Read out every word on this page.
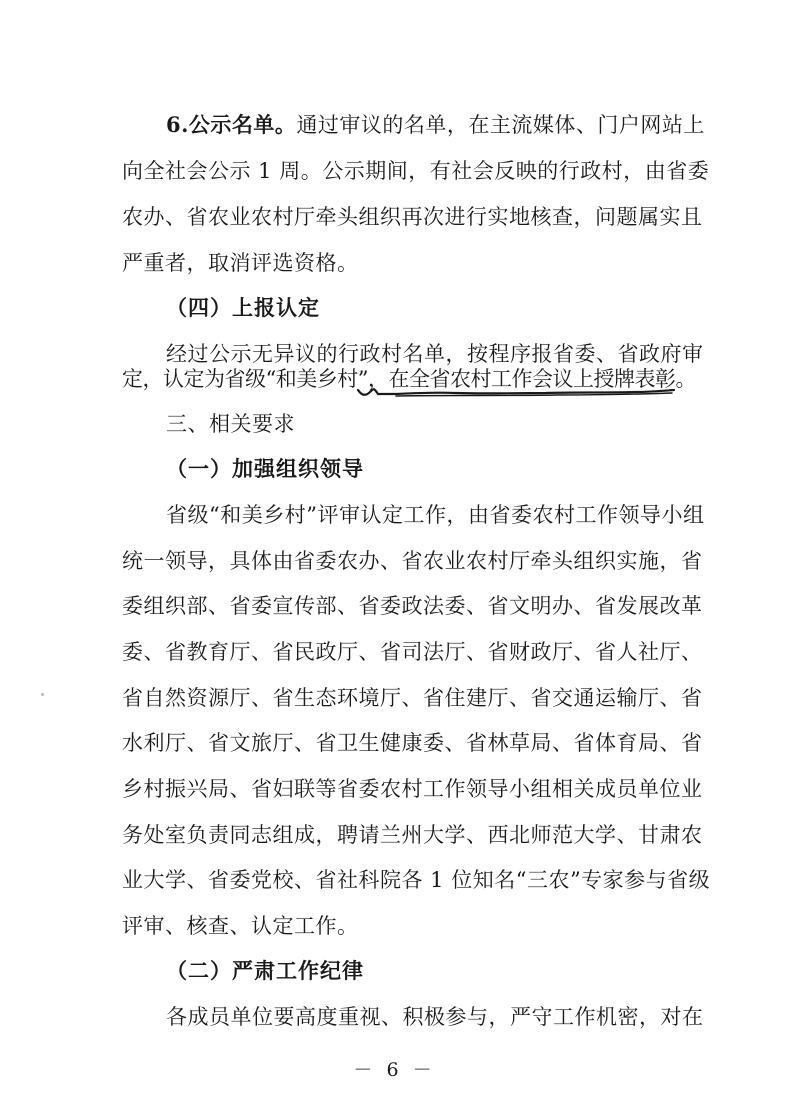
6.公示名单。通过审议的名单，在主流媒体、门户网站上
向全社会公示 1 周。公示期间，有社会反映的行政村，由省委
农办、省农业农村厅牵头组织再次进行实地核查，问题属实且
严重者，取消评选资格。
（四）上报认定
经过公示无异议的行政村名单，按程序报省委、省政府审
定，认定为省级“和美乡村”，在全省农村工作会议上授牌表彰。
三、相关要求
（一）加强组织领导
省级“和美乡村”评审认定工作，由省委农村工作领导小组
统一领导，具体由省委农办、省农业农村厅牵头组织实施，省
委组织部、省委宣传部、省委政法委、省文明办、省发展改革
委、省教育厅、省民政厅、省司法厅、省财政厅、省人社厅、
省自然资源厅、省生态环境厅、省住建厅、省交通运输厅、省
水利厅、省文旅厅、省卫生健康委、省林草局、省体育局、省
乡村振兴局、省妇联等省委农村工作领导小组相关成员单位业
务处室负责同志组成，聘请兰州大学、西北师范大学、甘肃农
业大学、省委党校、省社科院各 1 位知名“三农”专家参与省级
评审、核查、认定工作。
（二）严肃工作纪律
各成员单位要高度重视、积极参与，严守工作机密，对在
－ 6 －
